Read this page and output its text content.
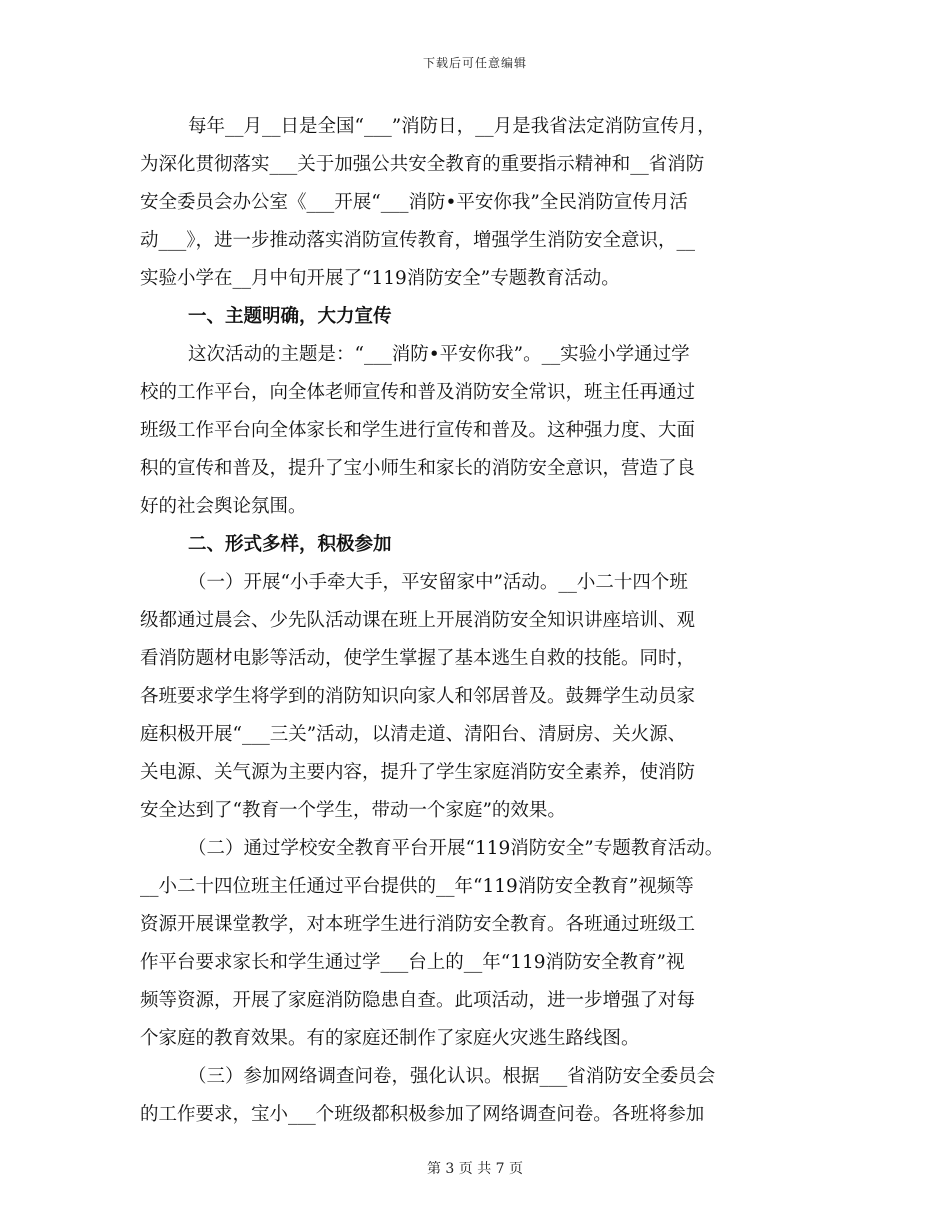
下载后可任意编辑
每年__月__日是全国“___”消防日，__月是我省法定消防宣传月，
为深化贯彻落实___关于加强公共安全教育的重要指示精神和__省消防
安全委员会办公室《___开展“___消防•平安你我”全民消防宣传月活
动___》，进一步推动落实消防宣传教育，增强学生消防安全意识，__
实验小学在__月中旬开展了“119消防安全”专题教育活动。
一、主题明确，大力宣传
这次活动的主题是：“___消防•平安你我”。__实验小学通过学
校的工作平台，向全体老师宣传和普及消防安全常识，班主任再通过
班级工作平台向全体家长和学生进行宣传和普及。这种强力度、大面
积的宣传和普及，提升了宝小师生和家长的消防安全意识，营造了良
好的社会舆论氛围。
二、形式多样，积极参加
（一）开展“小手牵大手，平安留家中”活动。__小二十四个班
级都通过晨会、少先队活动课在班上开展消防安全知识讲座培训、观
看消防题材电影等活动，使学生掌握了基本逃生自救的技能。同时，
各班要求学生将学到的消防知识向家人和邻居普及。鼓舞学生动员家
庭积极开展“___三关”活动，以清走道、清阳台、清厨房、关火源、
关电源、关气源为主要内容，提升了学生家庭消防安全素养，使消防
安全达到了“教育一个学生，带动一个家庭”的效果。
（二）通过学校安全教育平台开展“119消防安全”专题教育活动。
__小二十四位班主任通过平台提供的__年“119消防安全教育”视频等
资源开展课堂教学，对本班学生进行消防安全教育。各班通过班级工
作平台要求家长和学生通过学___台上的__年“119消防安全教育”视
频等资源，开展了家庭消防隐患自查。此项活动，进一步增强了对每
个家庭的教育效果。有的家庭还制作了家庭火灾逃生路线图。
（三）参加网络调查问卷，强化认识。根据___省消防安全委员会
的工作要求，宝小___个班级都积极参加了网络调查问卷。各班将参加
第 3 页 共 7 页
